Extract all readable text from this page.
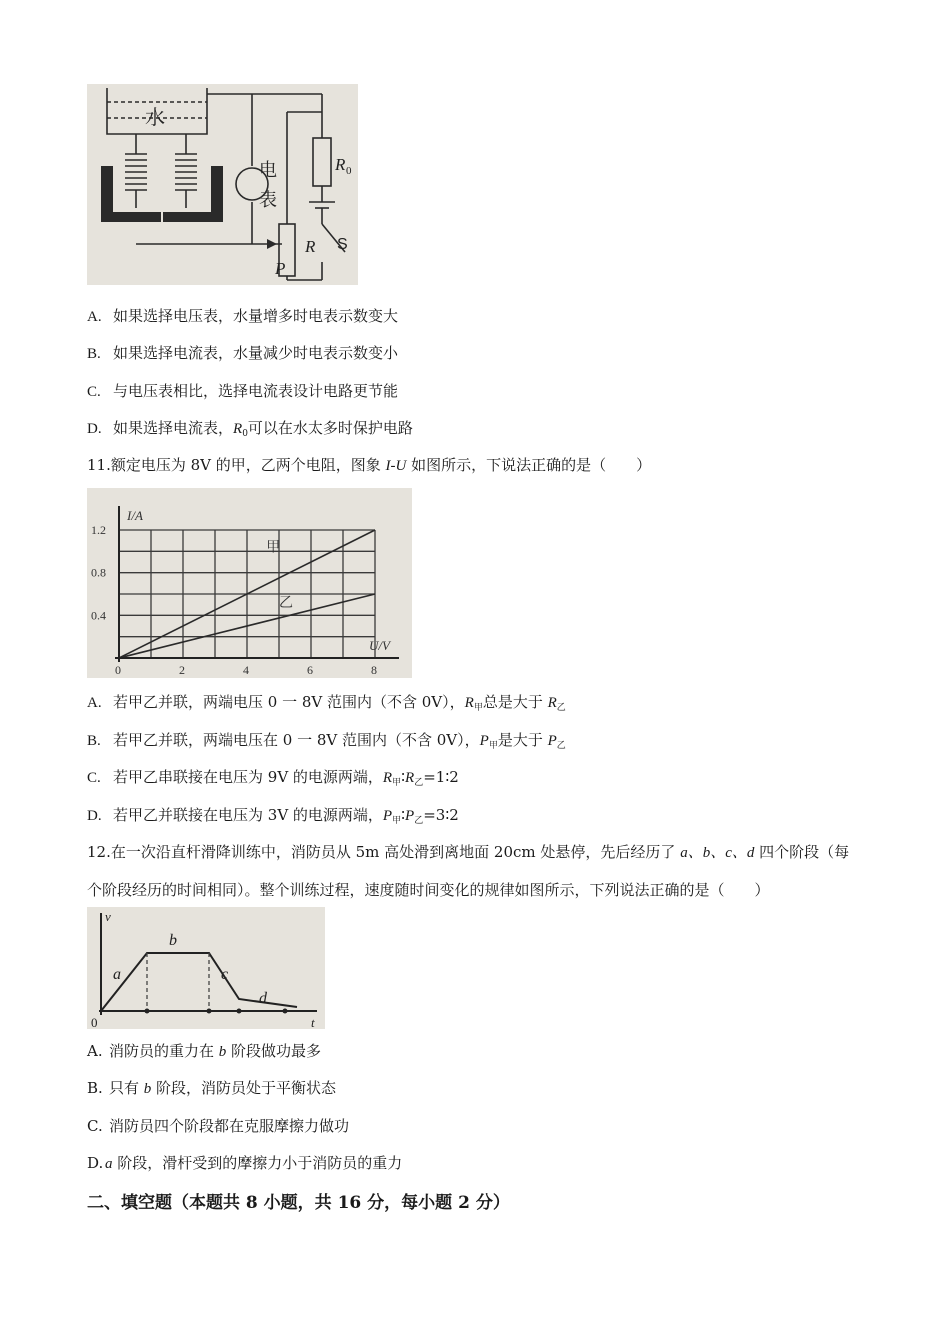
水
电
表
R 0
R S
P
A. 如果选择电压表，水量增多时电表示数变大
B. 如果选择电流表，水量减少时电表示数变小
C. 与电压表相比，选择电流表设计电路更节能
D. 如果选择电流表，$R_0$可以在水太多时保护电路
11.额定电压为 8V 的甲，乙两个电阻，图象 I-U 如图所示，下说法正确的是（　　）
0	2	4	6	8
0.4
0.8
1.2
I/A
U/V
甲
乙
A. 若甲乙并联，两端电压 0 一 8V 范围内（不含 0V），$R_甲$总是大于 $R_乙$
B. 若甲乙并联，两端电压在 0 一 8V 范围内（不含 0V），$P_甲$是大于 $P_乙$
C. 若甲乙串联接在电压为 9V 的电源两端，$R_甲∶R_乙=1∶2$
D. 若甲乙并联接在电压为 3V 的电源两端，$P_甲∶P_乙=3∶2$
12.在一次沿直杆滑降训练中，消防员从 5m 高处滑到离地面 20cm 处悬停，先后经历了 a、b、c、d 四个阶段（每
个阶段经历的时间相同）。整个训练过程，速度随时间变化的规律如图所示，下列说法正确的是（　　）
v
t
0
a
b
c
d
A. 消防员的重力在 b 阶段做功最多
B. 只有 b 阶段，消防员处于平衡状态
C. 消防员四个阶段都在克服摩擦力做功
D. a 阶段，滑杆受到的摩擦力小于消防员的重力
二、填空题（本题共 8 小题，共 16 分，每小题 2 分）
